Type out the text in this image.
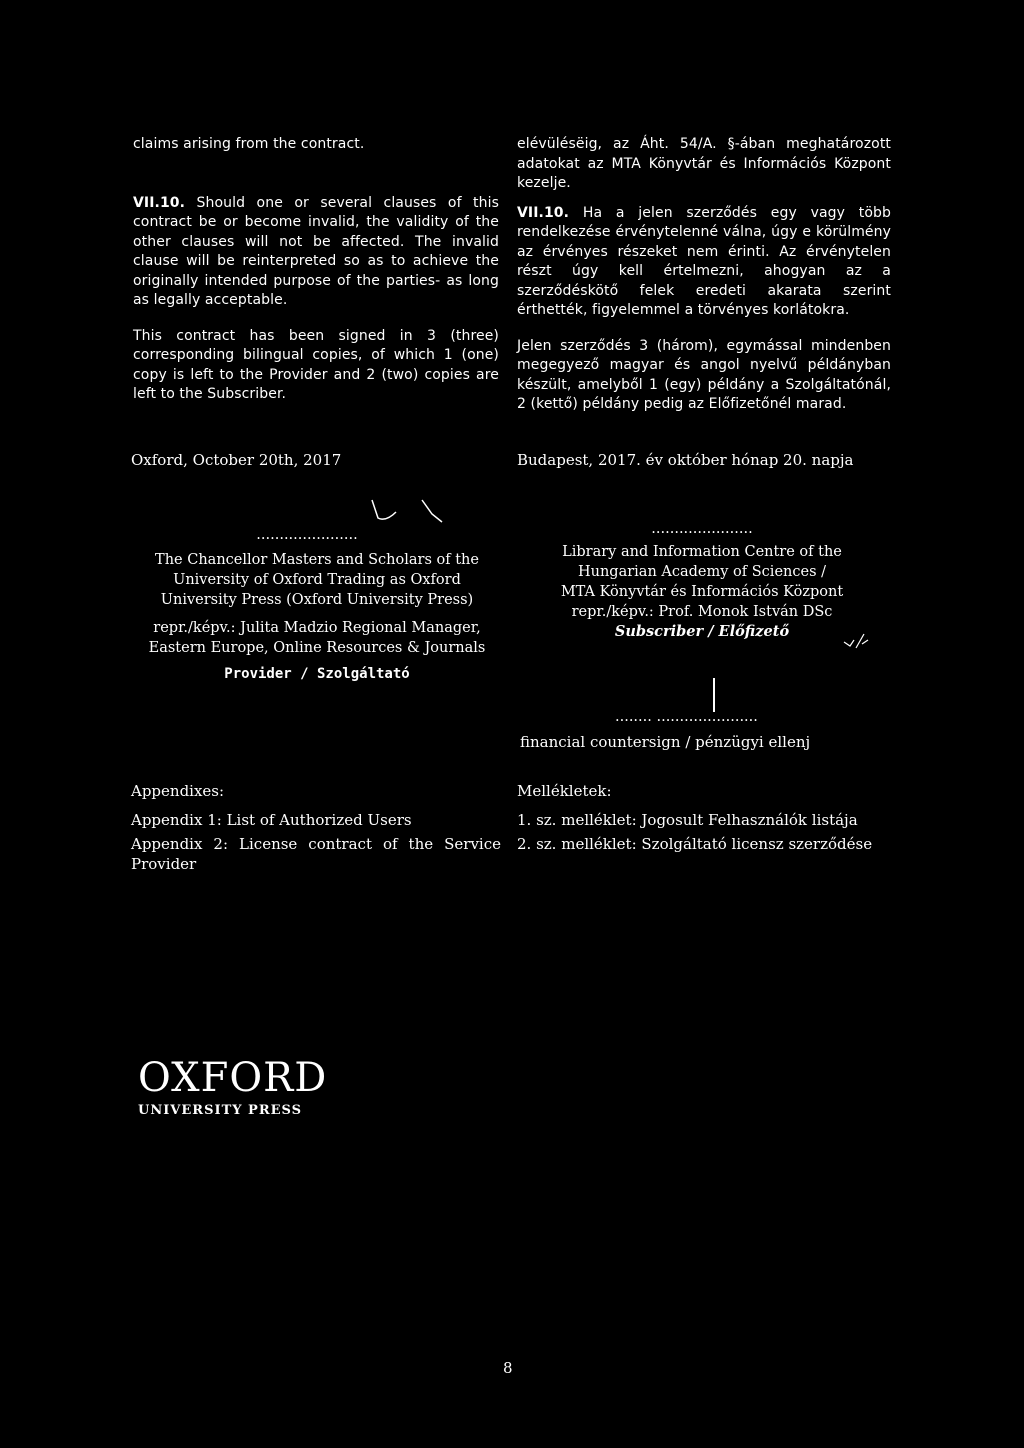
claims arising from the contract.

VII.10. Should one or several clauses of this contract be or become invalid, the validity of the other clauses will not be affected. The invalid clause will be reinterpreted so as to achieve the originally intended purpose of the parties- as long as legally acceptable.

This contract has been signed in 3 (three) corresponding bilingual copies, of which 1 (one) copy is left to the Provider and 2 (two) copies are left to the Subscriber.

elévülésëig, az Áht. 54/A. §-ában meghatározott adatokat az MTA Könyvtár és Információs Központ kezelje.

VII.10. Ha a jelen szerződés egy vagy több rendelkezése érvénytelenné válna, úgy e körülmény az érvényes részeket nem érinti. Az érvénytelen részt úgy kell értelmezni, ahogyan az a szerződéskötő felek eredeti akarata szerint érthették, figyelemmel a törvényes korlátokra.

Jelen szerződés 3 (három), egymással mindenben megegyező magyar és angol nyelvű példányban készült, amelyből 1 (egy) példány a Szolgáltatónál, 2 (kettő) példány pedig az Előfizetőnél marad.

Oxford, October 20th, 2017	Budapest, 2017. év október hónap 20. napja

......................

The Chancellor Masters and Scholars of the

University of Oxford Trading as Oxford

University Press (Oxford University Press)

repr./képv.: Julita Madzio Regional Manager,

Eastern Europe, Online Resources & Journals

Provider / Szolgáltató

......................

Library and Information Centre of the

Hungarian Academy of Sciences /

MTA Könyvtár és Információs Központ

repr./képv.: Prof. Monok István DSc

Subscriber / Előfizető

........ ......................

financial countersign / pénzügyi ellenj

Appendixes:

Appendix 1: List of Authorized Users

Appendix 2: License contract of the Service Provider

Mellékletek:

1. sz. melléklet: Jogosult Felhasználók listája

2. sz. melléklet: Szolgáltató licensz szerződése

OXFORD
UNIVERSITY PRESS
8
